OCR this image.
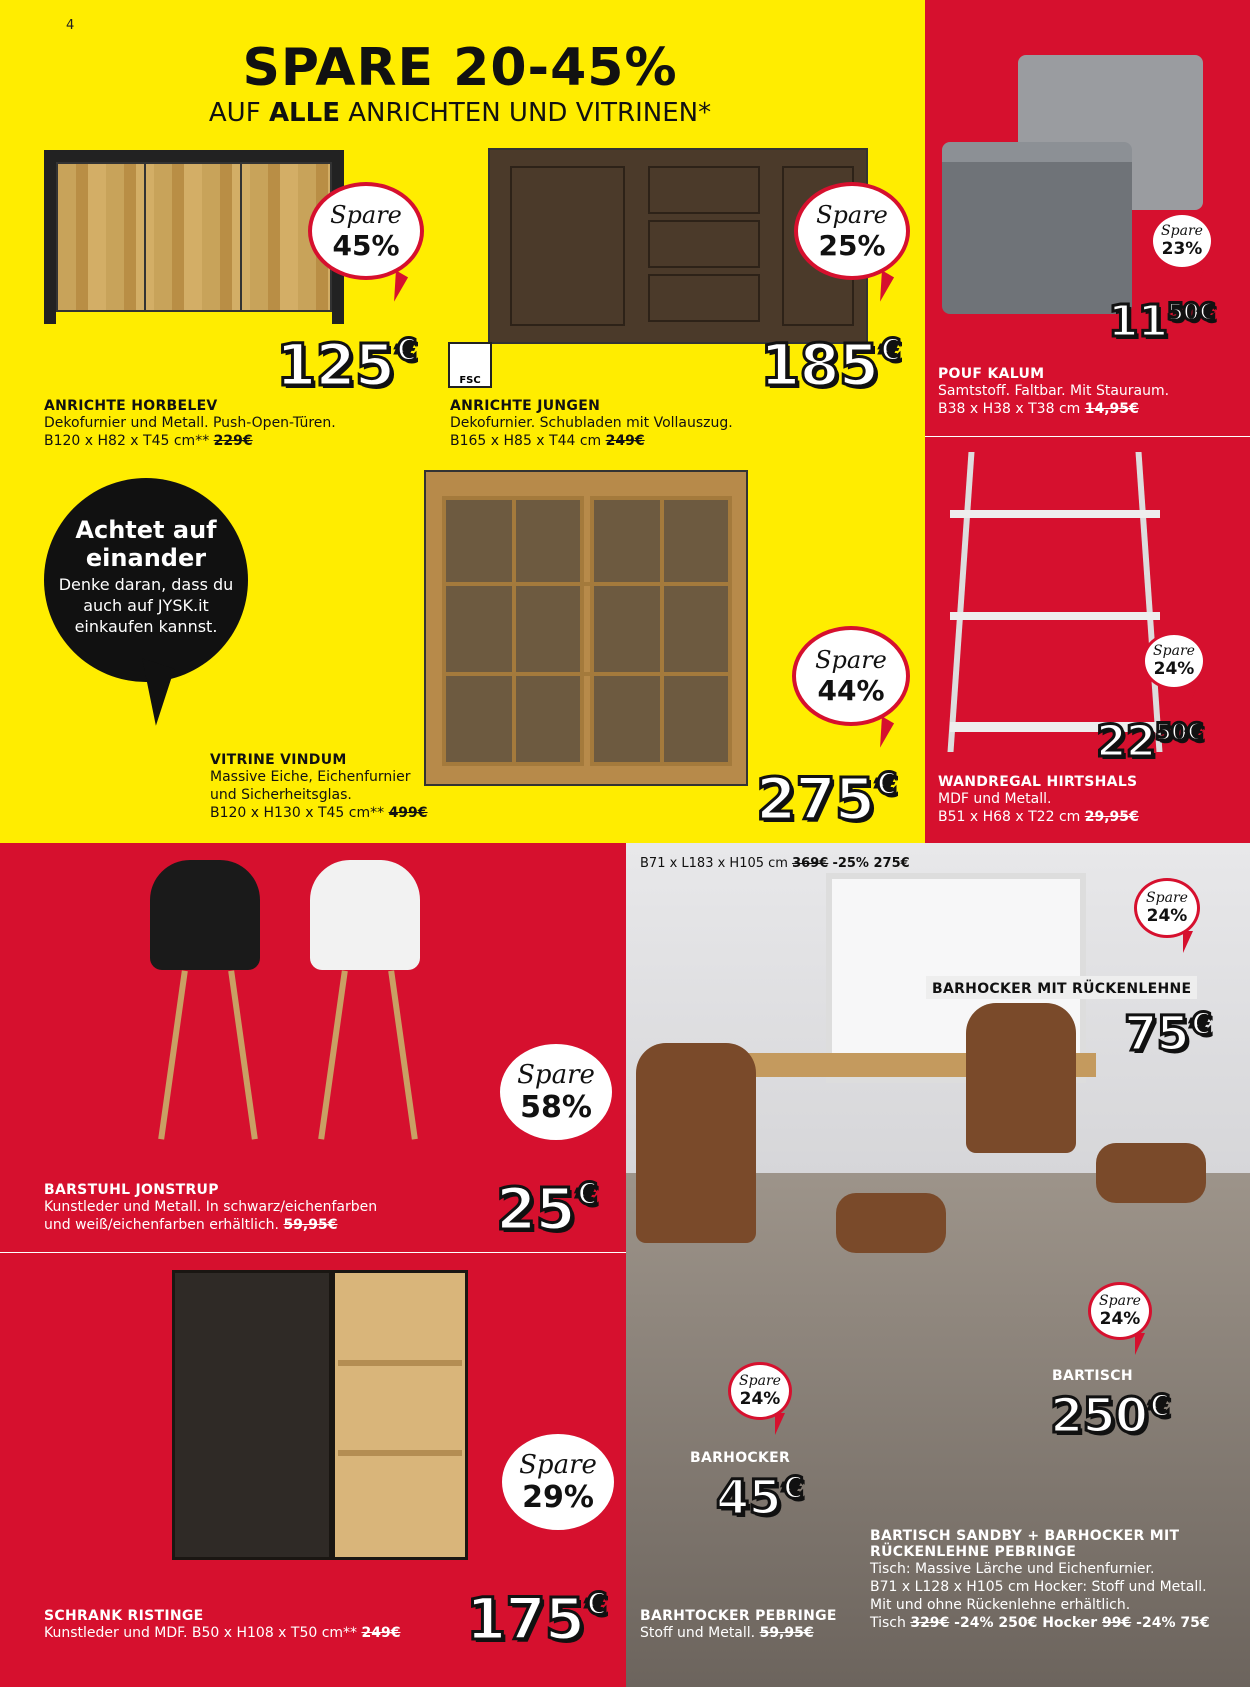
4
SPARE 20-45%
AUF ALLE ANRICHTEN UND VITRINEN*
Spare
45%
125€
ANRICHTE HORBELEV
Dekofurnier und Metall. Push-Open-Türen.
B120 x H82 x T45 cm** 229€
FSC
Spare
25%
185€
ANRICHTE JUNGEN
Dekofurnier. Schubladen mit Vollauszug.
B165 x H85 x T44 cm 249€
Spare
23%
$11^{50€}$
POUF KALUM
Samtstoff. Faltbar. Mit Stauraum.
B38 x H38 x T38 cm 14,95€
Achtet auf
einander
Denke daran, dass du
auch auf JYSK.it
einkaufen kannst.
Spare
44%
275€
VITRINE VINDUM
Massive Eiche, Eichenfurnier
und Sicherheitsglas.
B120 x H130 x T45 cm** 499€
Spare
24%
$22^{50€}$
WANDREGAL HIRTSHALS
MDF und Metall.
B51 x H68 x T22 cm 29,95€
Spare
58%
25€
BARSTUHL JONSTRUP
Kunstleder und Metall. In schwarz/eichenfarben
und weiß/eichenfarben erhältlich. 59,95€
Spare
29%
175€
SCHRANK RISTINGE
Kunstleder und MDF. B50 x H108 x T50 cm** 249€
B71 x L183 x H105 cm 369€ -25% 275€
Spare
24%
BARHOCKER MIT RÜCKENLEHNE
75€
Spare
24%
BARTISCH
250€
Spare
24%
BARHOCKER
45€
BARHTOCKER PEBRINGE
Stoff und Metall. 59,95€
BARTISCH SANDBY + BARHOCKER MIT
RÜCKENLEHNE PEBRINGE
Tisch: Massive Lärche und Eichenfurnier.
B71 x L128 x H105 cm Hocker: Stoff und Metall.
Mit und ohne Rückenlehne erhältlich.
Tisch 329€ -24% 250€ Hocker 99€ -24% 75€
